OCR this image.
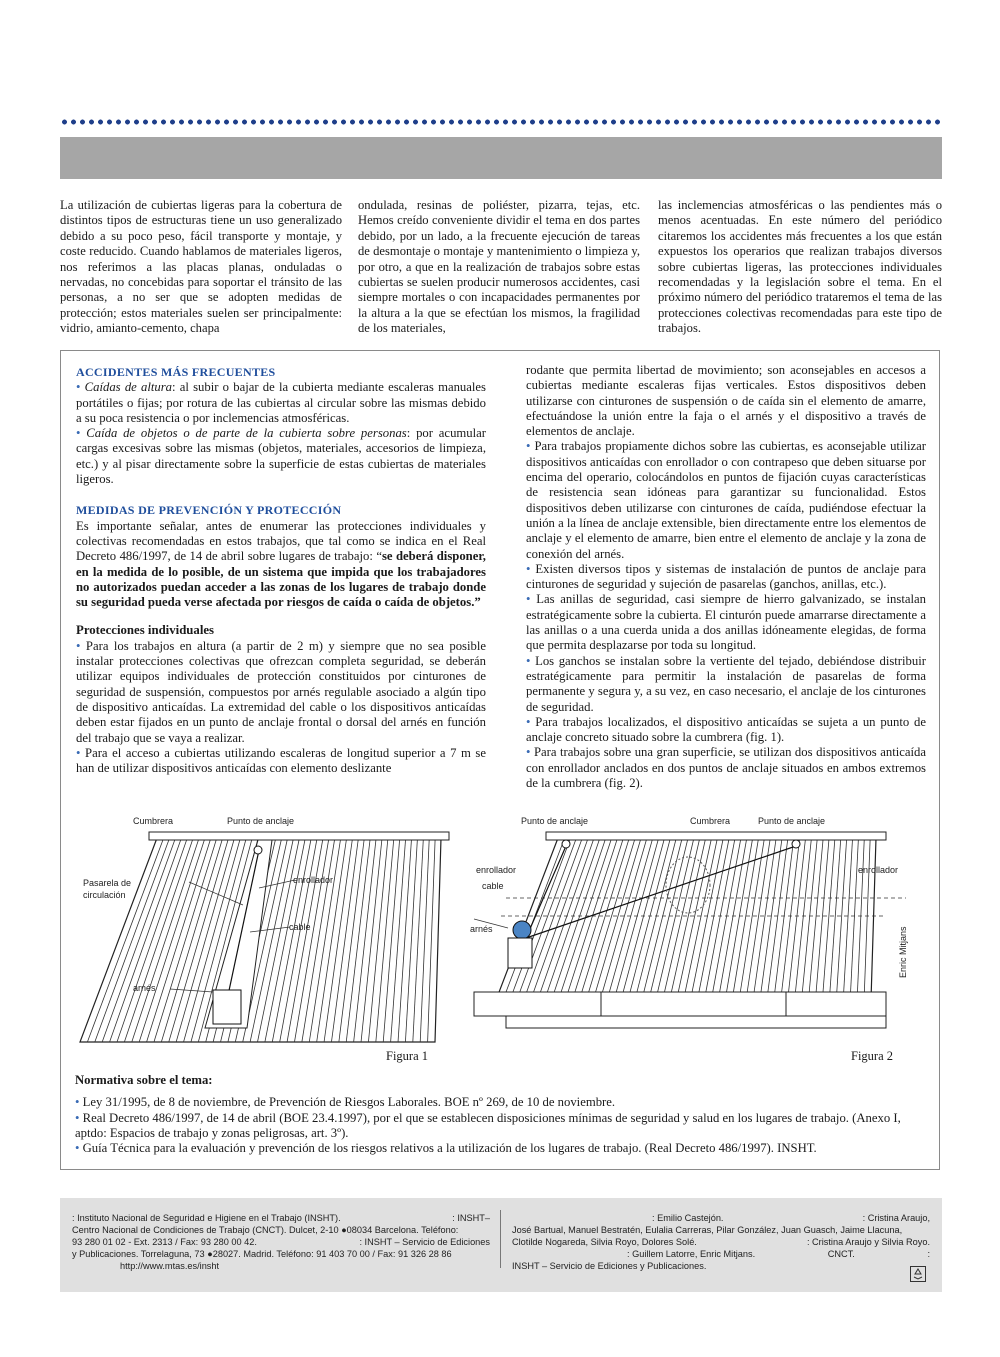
La utilización de cubiertas ligeras para la cobertura de distintos tipos de estructuras tiene un uso generalizado debido a su poco peso, fácil transporte y montaje, y coste reducido. Cuando hablamos de materiales ligeros, nos referimos a las placas planas, onduladas o nervadas, no concebidas para soportar el tránsito de las personas, a no ser que se adopten medidas de protección; estos materiales suelen ser principalmente: vidrio, amianto-cemento, chapa
ondulada, resinas de poliéster, pizarra, tejas, etc. Hemos creído conveniente dividir el tema en dos partes debido, por un lado, a la frecuente ejecución de tareas de desmontaje o montaje y mantenimiento o limpieza y, por otro, a que en la realización de trabajos sobre estas cubiertas se suelen producir numerosos accidentes, casi siempre mortales o con incapacidades permanentes por la altura a la que se efectúan los mismos, la fragilidad de los materiales,
las inclemencias atmosféricas o las pendientes más o menos acentuadas. En este número del periódico citaremos los accidentes más frecuentes a los que están expuestos los operarios que realizan trabajos diversos sobre cubiertas ligeras, las protecciones individuales recomendadas y la legislación sobre el tema. En el próximo número del periódico trataremos el tema de las protecciones colectivas recomendadas para este tipo de trabajos.

ACCIDENTES MÁS FRECUENTES

• Caídas de altura: al subir o bajar de la cubierta mediante escaleras manuales portátiles o fijas; por rotura de las cubiertas al circular sobre las mismas debido a su poca resistencia o por inclemencias atmosféricas.

• Caída de objetos o de parte de la cubierta sobre personas: por acumular cargas excesivas sobre las mismas (objetos, materiales, accesorios de limpieza, etc.) y al pisar directamente sobre la superficie de estas cubiertas de materiales ligeros.

MEDIDAS DE PREVENCIÓN Y PROTECCIÓN

Es importante señalar, antes de enumerar las protecciones individuales y colectivas recomendadas en estos trabajos, que tal como se indica en el Real Decreto 486/1997, de 14 de abril sobre lugares de trabajo: “se deberá disponer, en la medida de lo posible, de un sistema que impida que los trabajadores no autorizados puedan acceder a las zonas de los lugares de trabajo donde su seguridad pueda verse afectada por riesgos de caída o caída de objetos.”

Protecciones individuales

• Para los trabajos en altura (a partir de 2 m) y siempre que no sea posible instalar protecciones colectivas que ofrezcan completa seguridad, se deberán utilizar equipos individuales de protección constituidos por cinturones de seguridad de suspensión, compuestos por arnés regulable asociado a algún tipo de dispositivo anticaídas. La extremidad del cable o los dispositivos anticaídas deben estar fijados en un punto de anclaje frontal o dorsal del arnés en función del trabajo que se vaya a realizar.

• Para el acceso a cubiertas utilizando escaleras de longitud superior a 7 m se han de utilizar dispositivos anticaídas con elemento deslizante

rodante que permita libertad de movimiento; son aconsejables en accesos a cubiertas mediante escaleras fijas verticales. Estos dispositivos deben utilizarse con cinturones de suspensión o de caída sin el elemento de amarre, efectuándose la unión entre la faja o el arnés y el dispositivo a través de elementos de anclaje.

• Para trabajos propiamente dichos sobre las cubiertas, es aconsejable utilizar dispositivos anticaídas con enrollador o con contrapeso que deben situarse por encima del operario, colocándolos en puntos de fijación cuyas características de resistencia sean idóneas para garantizar su funcionalidad. Estos dispositivos deben utilizarse con cinturones de caída, pudiéndose efectuar la unión a la línea de anclaje extensible, bien directamente entre los elementos de anclaje y el elemento de amarre, bien entre el elemento de anclaje y la zona de conexión del arnés.

• Existen diversos tipos y sistemas de instalación de puntos de anclaje para cinturones de seguridad y sujeción de pasarelas (ganchos, anillas, etc.).

• Las anillas de seguridad, casi siempre de hierro galvanizado, se instalan estratégicamente sobre la cubierta. El cinturón puede amarrarse directamente a las anillas o a una cuerda unida a dos anillas idóneamente elegidas, de forma que permita desplazarse por toda su longitud.

• Los ganchos se instalan sobre la vertiente del tejado, debiéndose distribuir estratégicamente para permitir la instalación de pasarelas de forma permanente y segura y, a su vez, en caso necesario, el anclaje de los cinturones de seguridad.

• Para trabajos localizados, el dispositivo anticaídas se sujeta a un punto de anclaje concreto situado sobre la cumbrera (fig. 1).

• Para trabajos sobre una gran superficie, se utilizan dos dispositivos anticaída con enrollador anclados en dos puntos de anclaje situados en ambos extremos de la cumbrera (fig. 2).

Cumbrera	Punto de anclaje
Pasarela de
circulación
enrollador
cable
arnés
Figura 1
Punto de anclaje	Cumbrera	Punto de anclaje
enrollador	enrollador
cable
arnés	Enric Mitjans
Figura 2

Normativa sobre el tema:

• Ley 31/1995, de 8 de noviembre, de Prevención de Riesgos Laborales. BOE nº 269, de 10 de noviembre.

• Real Decreto 486/1997, de 14 de abril (BOE 23.4.1997), por el que se establecen disposiciones mínimas de seguridad y salud en los lugares de trabajo. (Anexo I, aptdo: Espacios de trabajo y zonas peligrosas, art. 3º).

• Guía Técnica para la evaluación y prevención de los riesgos relativos a la utilización de los lugares de trabajo. (Real Decreto 486/1997). INSHT.

: Instituto Nacional de Seguridad e Higiene en el Trabajo (INSHT).	: INSHT–
Centro Nacional de Condiciones de Trabajo (CNCT). Dulcet, 2-10 ●08034 Barcelona. Teléfono:
93 280 01 02 - Ext. 2313 / Fax: 93 280 00 42.	: INSHT – Servicio de Ediciones
y Publicaciones. Torrelaguna, 73 ●28027. Madrid. Teléfono: 91 403 70 00 / Fax: 91 326 28 86
http://www.mtas.es/insht
: Emilio Castejón.	: Cristina Araujo,
José Bartual, Manuel Bestratén, Eulalia Carreras, Pilar González, Juan Guasch, Jaime Llacuna,
Clotilde Nogareda, Silvia Royo, Dolores Solé.	: Cristina Araujo y Silvia Royo.
: Guillem Latorre, Enric Mitjans.	CNCT.	:
INSHT – Servicio de Ediciones y Publicaciones.
